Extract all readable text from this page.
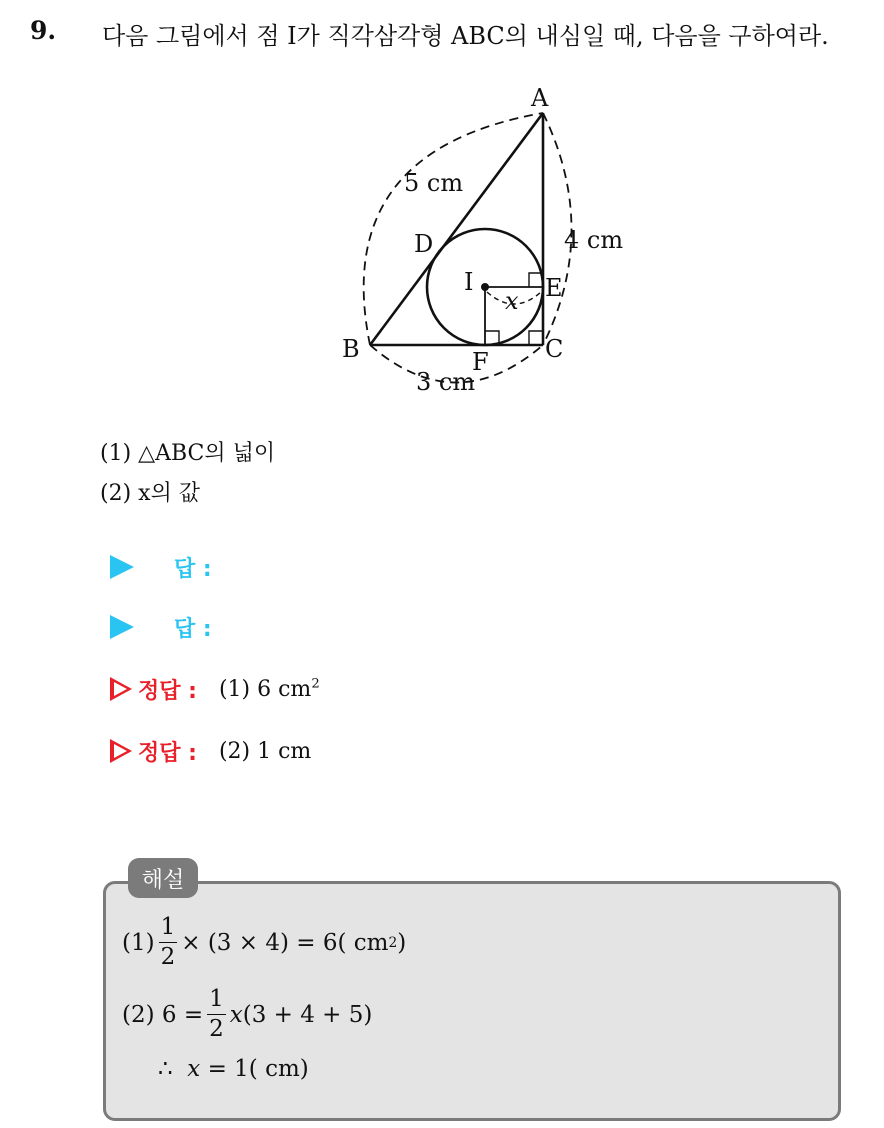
9. 다음 그림에서 점 I가 직각삼각형 ABC의 내심일 때, 다음을 구하여라.
A
B	C
D
E
F
I
5 cm
4 cm
3 cm
x
(1) △ABC의 넓이
(2) x의 값
답 :
답 :
정답 : (1) 6 $cm^2$
정답 : (2) 1 cm
해설
$(1) \frac{1}{2} \times (3 \times 4) = 6$( cm 2 )
(2) $6 = \frac{1}{2}$ x (3 + 4 + 5)
∴
x
= 1( cm)
